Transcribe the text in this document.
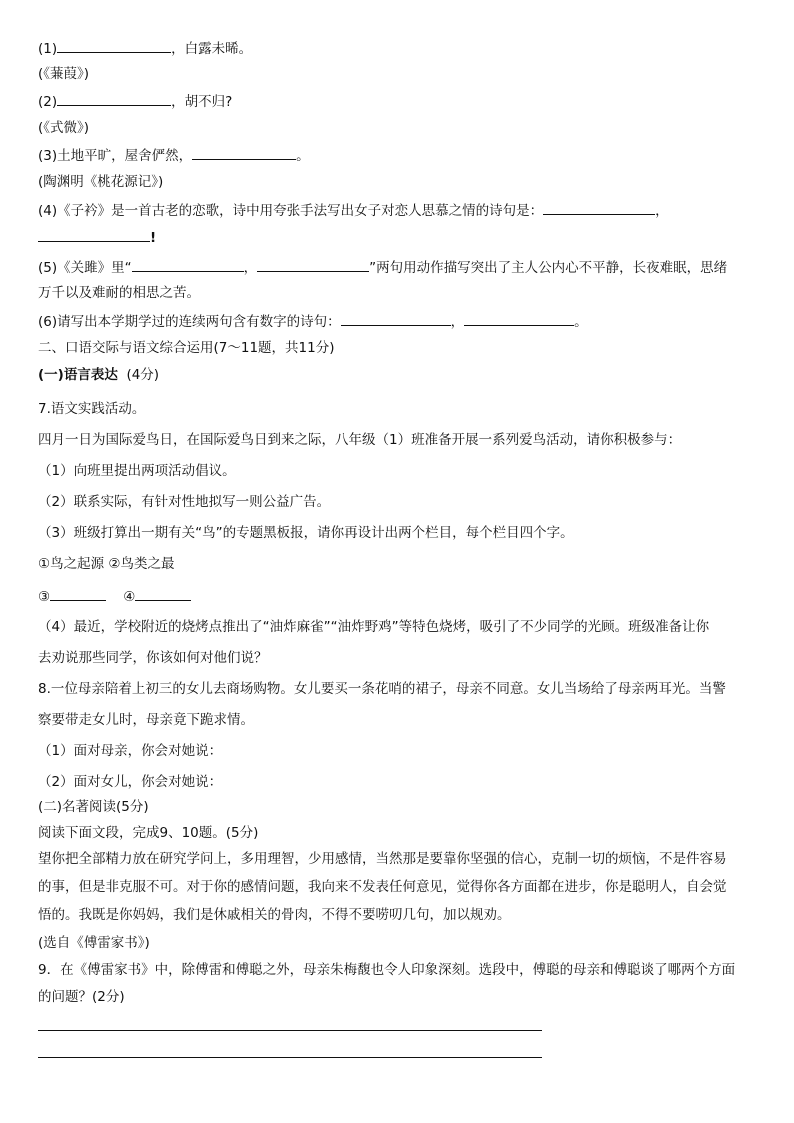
(1)	，白露未晞。
(《蒹葭》)
(2)	，胡不归?
(《式微》)
(3)土地平旷，屋舍俨然，	。
(陶渊明《桃花源记》)
(4)《子衿》是一首古老的恋歌，诗中用夸张手法写出女子对恋人思慕之情的诗句是：	，
!
(5)《关雎》里“	，	”两句用动作描写突出了主人公内心不平静，长夜难眠，思绪
万千以及难耐的相思之苦。
(6)请写出本学期学过的连续两句含有数字的诗句：	，	。
二、口语交际与语文综合运用(7～11题，共11分)
(一)语言表达 (4分)
7.语文实践活动。
四月一日为国际爱鸟日，在国际爱鸟日到来之际，八年级（1）班准备开展一系列爱鸟活动，请你积极参与：
（1）向班里提出两项活动倡议。
（2）联系实际，有针对性地拟写一则公益广告。
（3）班级打算出一期有关“鸟”的专题黑板报，请你再设计出两个栏目，每个栏目四个字。
①鸟之起源 ②鸟类之最
③	④
（4）最近，学校附近的烧烤点推出了“油炸麻雀”“油炸野鸡”等特色烧烤，吸引了不少同学的光顾。班级准备让你
去劝说那些同学，你该如何对他们说？
8.一位母亲陪着上初三的女儿去商场购物。女儿要买一条花哨的裙子，母亲不同意。女儿当场给了母亲两耳光。当警
察要带走女儿时，母亲竟下跪求情。
（1）面对母亲，你会对她说：
（2）面对女儿，你会对她说：
(二)名著阅读(5分)
阅读下面文段，完成9、10题。(5分)
望你把全部精力放在研究学问上，多用理智，少用感情，当然那是要靠你坚强的信心，克制一切的烦恼，不是件容易
的事，但是非克服不可。对于你的感情问题，我向来不发表任何意见，觉得你各方面都在进步，你是聪明人，自会觉
悟的。我既是你妈妈，我们是休戚相关的骨肉，不得不要唠叨几句，加以规劝。
(选自《傅雷家书》)
9．在《傅雷家书》中，除傅雷和傅聪之外，母亲朱梅馥也令人印象深刻。选段中，傅聪的母亲和傅聪谈了哪两个方面
的问题？(2分)
